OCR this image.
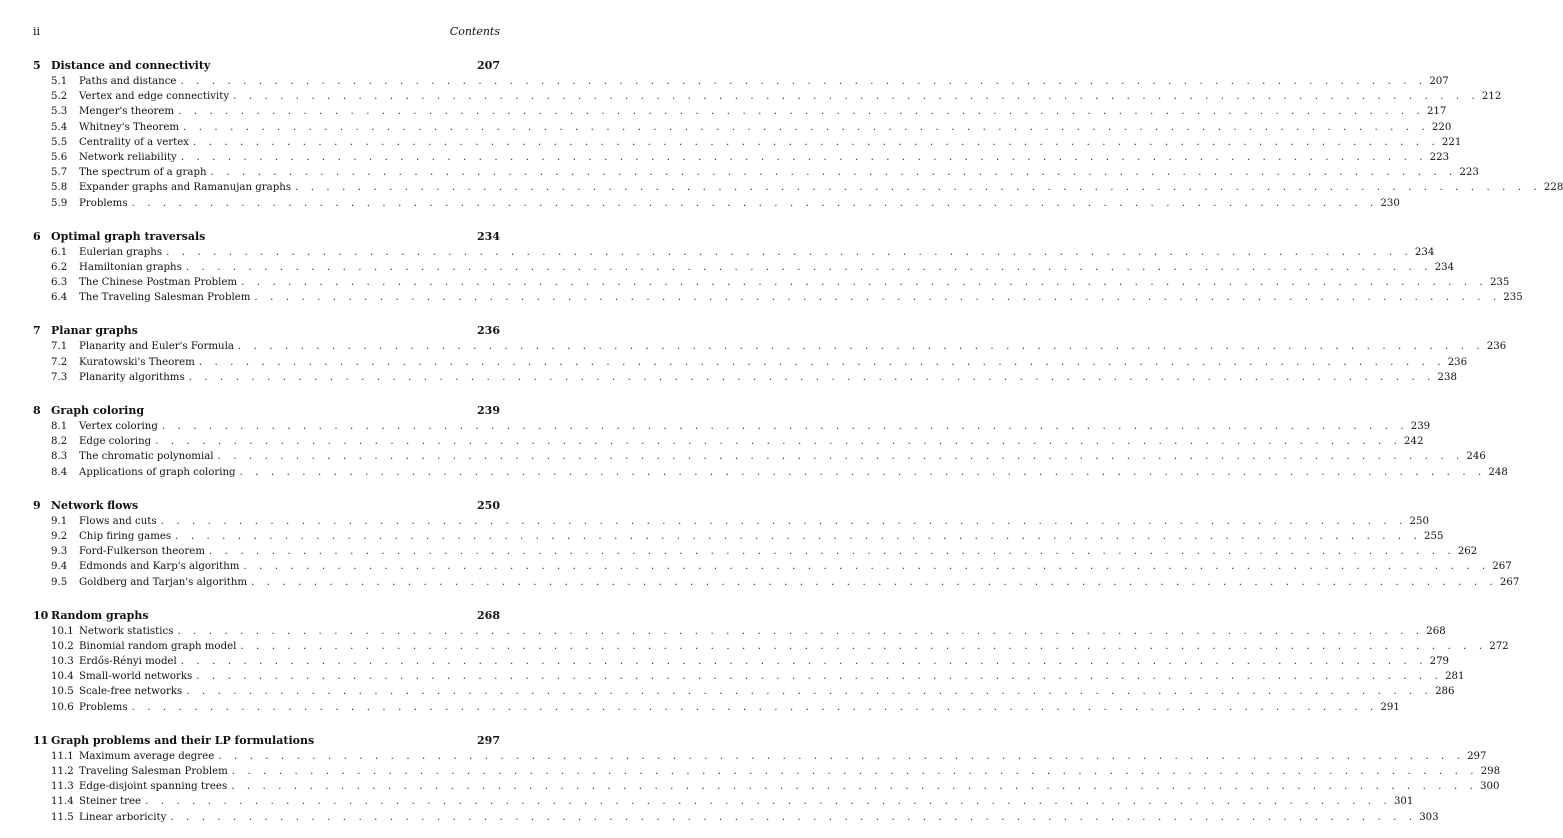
ii	Contents
5 Distance and connectivity	207
5.1	Paths and distance . . . . . . . . . . . . . . . . . . . . . . . . . . . . . . . . . . . . . . . . . . . . . . . . . . . . . . . . . . . . . . . . . . . . . . . . . . . . . . . . 207
5.2	Vertex and edge connectivity . . . . . . . . . . . . . . . . . . . . . . . . . . . . . . . . . . . . . . . . . . . . . . . . . . . . . . . . . . . . . . . . . . . . . . . . . . . . . . . . 212
5.3	Menger's theorem . . . . . . . . . . . . . . . . . . . . . . . . . . . . . . . . . . . . . . . . . . . . . . . . . . . . . . . . . . . . . . . . . . . . . . . . . . . . . . . . 217
5.4	Whitney's Theorem . . . . . . . . . . . . . . . . . . . . . . . . . . . . . . . . . . . . . . . . . . . . . . . . . . . . . . . . . . . . . . . . . . . . . . . . . . . . . . . . 220
5.5	Centrality of a vertex . . . . . . . . . . . . . . . . . . . . . . . . . . . . . . . . . . . . . . . . . . . . . . . . . . . . . . . . . . . . . . . . . . . . . . . . . . . . . . . . 221
5.6	Network reliability . . . . . . . . . . . . . . . . . . . . . . . . . . . . . . . . . . . . . . . . . . . . . . . . . . . . . . . . . . . . . . . . . . . . . . . . . . . . . . . . 223
5.7	The spectrum of a graph . . . . . . . . . . . . . . . . . . . . . . . . . . . . . . . . . . . . . . . . . . . . . . . . . . . . . . . . . . . . . . . . . . . . . . . . . . . . . . . . 223
5.8	Expander graphs and Ramanujan graphs . . . . . . . . . . . . . . . . . . . . . . . . . . . . . . . . . . . . . . . . . . . . . . . . . . . . . . . . . . . . . . . . . . . . . . . . . . . . . . . . 228
5.9	Problems . . . . . . . . . . . . . . . . . . . . . . . . . . . . . . . . . . . . . . . . . . . . . . . . . . . . . . . . . . . . . . . . . . . . . . . . . . . . . . . . 230
6 Optimal graph traversals	234
6.1	Eulerian graphs . . . . . . . . . . . . . . . . . . . . . . . . . . . . . . . . . . . . . . . . . . . . . . . . . . . . . . . . . . . . . . . . . . . . . . . . . . . . . . . . 234
6.2	Hamiltonian graphs . . . . . . . . . . . . . . . . . . . . . . . . . . . . . . . . . . . . . . . . . . . . . . . . . . . . . . . . . . . . . . . . . . . . . . . . . . . . . . . . 234
6.3	The Chinese Postman Problem . . . . . . . . . . . . . . . . . . . . . . . . . . . . . . . . . . . . . . . . . . . . . . . . . . . . . . . . . . . . . . . . . . . . . . . . . . . . . . . . 235
6.4	The Traveling Salesman Problem . . . . . . . . . . . . . . . . . . . . . . . . . . . . . . . . . . . . . . . . . . . . . . . . . . . . . . . . . . . . . . . . . . . . . . . . . . . . . . . . 235
7 Planar graphs	236
7.1	Planarity and Euler's Formula . . . . . . . . . . . . . . . . . . . . . . . . . . . . . . . . . . . . . . . . . . . . . . . . . . . . . . . . . . . . . . . . . . . . . . . . . . . . . . . . 236
7.2	Kuratowski's Theorem . . . . . . . . . . . . . . . . . . . . . . . . . . . . . . . . . . . . . . . . . . . . . . . . . . . . . . . . . . . . . . . . . . . . . . . . . . . . . . . . 236
7.3	Planarity algorithms . . . . . . . . . . . . . . . . . . . . . . . . . . . . . . . . . . . . . . . . . . . . . . . . . . . . . . . . . . . . . . . . . . . . . . . . . . . . . . . . 238
8 Graph coloring	239
8.1	Vertex coloring . . . . . . . . . . . . . . . . . . . . . . . . . . . . . . . . . . . . . . . . . . . . . . . . . . . . . . . . . . . . . . . . . . . . . . . . . . . . . . . . 239
8.2	Edge coloring . . . . . . . . . . . . . . . . . . . . . . . . . . . . . . . . . . . . . . . . . . . . . . . . . . . . . . . . . . . . . . . . . . . . . . . . . . . . . . . . 242
8.3	The chromatic polynomial . . . . . . . . . . . . . . . . . . . . . . . . . . . . . . . . . . . . . . . . . . . . . . . . . . . . . . . . . . . . . . . . . . . . . . . . . . . . . . . . 246
8.4	Applications of graph coloring . . . . . . . . . . . . . . . . . . . . . . . . . . . . . . . . . . . . . . . . . . . . . . . . . . . . . . . . . . . . . . . . . . . . . . . . . . . . . . . . 248
9 Network flows	250
9.1	Flows and cuts . . . . . . . . . . . . . . . . . . . . . . . . . . . . . . . . . . . . . . . . . . . . . . . . . . . . . . . . . . . . . . . . . . . . . . . . . . . . . . . . 250
9.2	Chip firing games . . . . . . . . . . . . . . . . . . . . . . . . . . . . . . . . . . . . . . . . . . . . . . . . . . . . . . . . . . . . . . . . . . . . . . . . . . . . . . . . 255
9.3	Ford-Fulkerson theorem . . . . . . . . . . . . . . . . . . . . . . . . . . . . . . . . . . . . . . . . . . . . . . . . . . . . . . . . . . . . . . . . . . . . . . . . . . . . . . . . 262
9.4	Edmonds and Karp's algorithm . . . . . . . . . . . . . . . . . . . . . . . . . . . . . . . . . . . . . . . . . . . . . . . . . . . . . . . . . . . . . . . . . . . . . . . . . . . . . . . . 267
9.5	Goldberg and Tarjan's algorithm . . . . . . . . . . . . . . . . . . . . . . . . . . . . . . . . . . . . . . . . . . . . . . . . . . . . . . . . . . . . . . . . . . . . . . . . . . . . . . . . 267
10 Random graphs	268
10.1 Network statistics . . . . . . . . . . . . . . . . . . . . . . . . . . . . . . . . . . . . . . . . . . . . . . . . . . . . . . . . . . . . . . . . . . . . . . . . . . . . . . . . 268
10.2 Binomial random graph model . . . . . . . . . . . . . . . . . . . . . . . . . . . . . . . . . . . . . . . . . . . . . . . . . . . . . . . . . . . . . . . . . . . . . . . . . . . . . . . . 272
10.3 Erdős-Rényi model . . . . . . . . . . . . . . . . . . . . . . . . . . . . . . . . . . . . . . . . . . . . . . . . . . . . . . . . . . . . . . . . . . . . . . . . . . . . . . . . 279
10.4 Small-world networks . . . . . . . . . . . . . . . . . . . . . . . . . . . . . . . . . . . . . . . . . . . . . . . . . . . . . . . . . . . . . . . . . . . . . . . . . . . . . . . . 281
10.5 Scale-free networks . . . . . . . . . . . . . . . . . . . . . . . . . . . . . . . . . . . . . . . . . . . . . . . . . . . . . . . . . . . . . . . . . . . . . . . . . . . . . . . . 286
10.6 Problems . . . . . . . . . . . . . . . . . . . . . . . . . . . . . . . . . . . . . . . . . . . . . . . . . . . . . . . . . . . . . . . . . . . . . . . . . . . . . . . . 291
11 Graph problems and their LP formulations	297
11.1 Maximum average degree . . . . . . . . . . . . . . . . . . . . . . . . . . . . . . . . . . . . . . . . . . . . . . . . . . . . . . . . . . . . . . . . . . . . . . . . . . . . . . . . 297
11.2 Traveling Salesman Problem . . . . . . . . . . . . . . . . . . . . . . . . . . . . . . . . . . . . . . . . . . . . . . . . . . . . . . . . . . . . . . . . . . . . . . . . . . . . . . . . 298
11.3 Edge-disjoint spanning trees . . . . . . . . . . . . . . . . . . . . . . . . . . . . . . . . . . . . . . . . . . . . . . . . . . . . . . . . . . . . . . . . . . . . . . . . . . . . . . . . 300
11.4 Steiner tree . . . . . . . . . . . . . . . . . . . . . . . . . . . . . . . . . . . . . . . . . . . . . . . . . . . . . . . . . . . . . . . . . . . . . . . . . . . . . . . . 301
11.5 Linear arboricity . . . . . . . . . . . . . . . . . . . . . . . . . . . . . . . . . . . . . . . . . . . . . . . . . . . . . . . . . . . . . . . . . . . . . . . . . . . . . . . . 303
